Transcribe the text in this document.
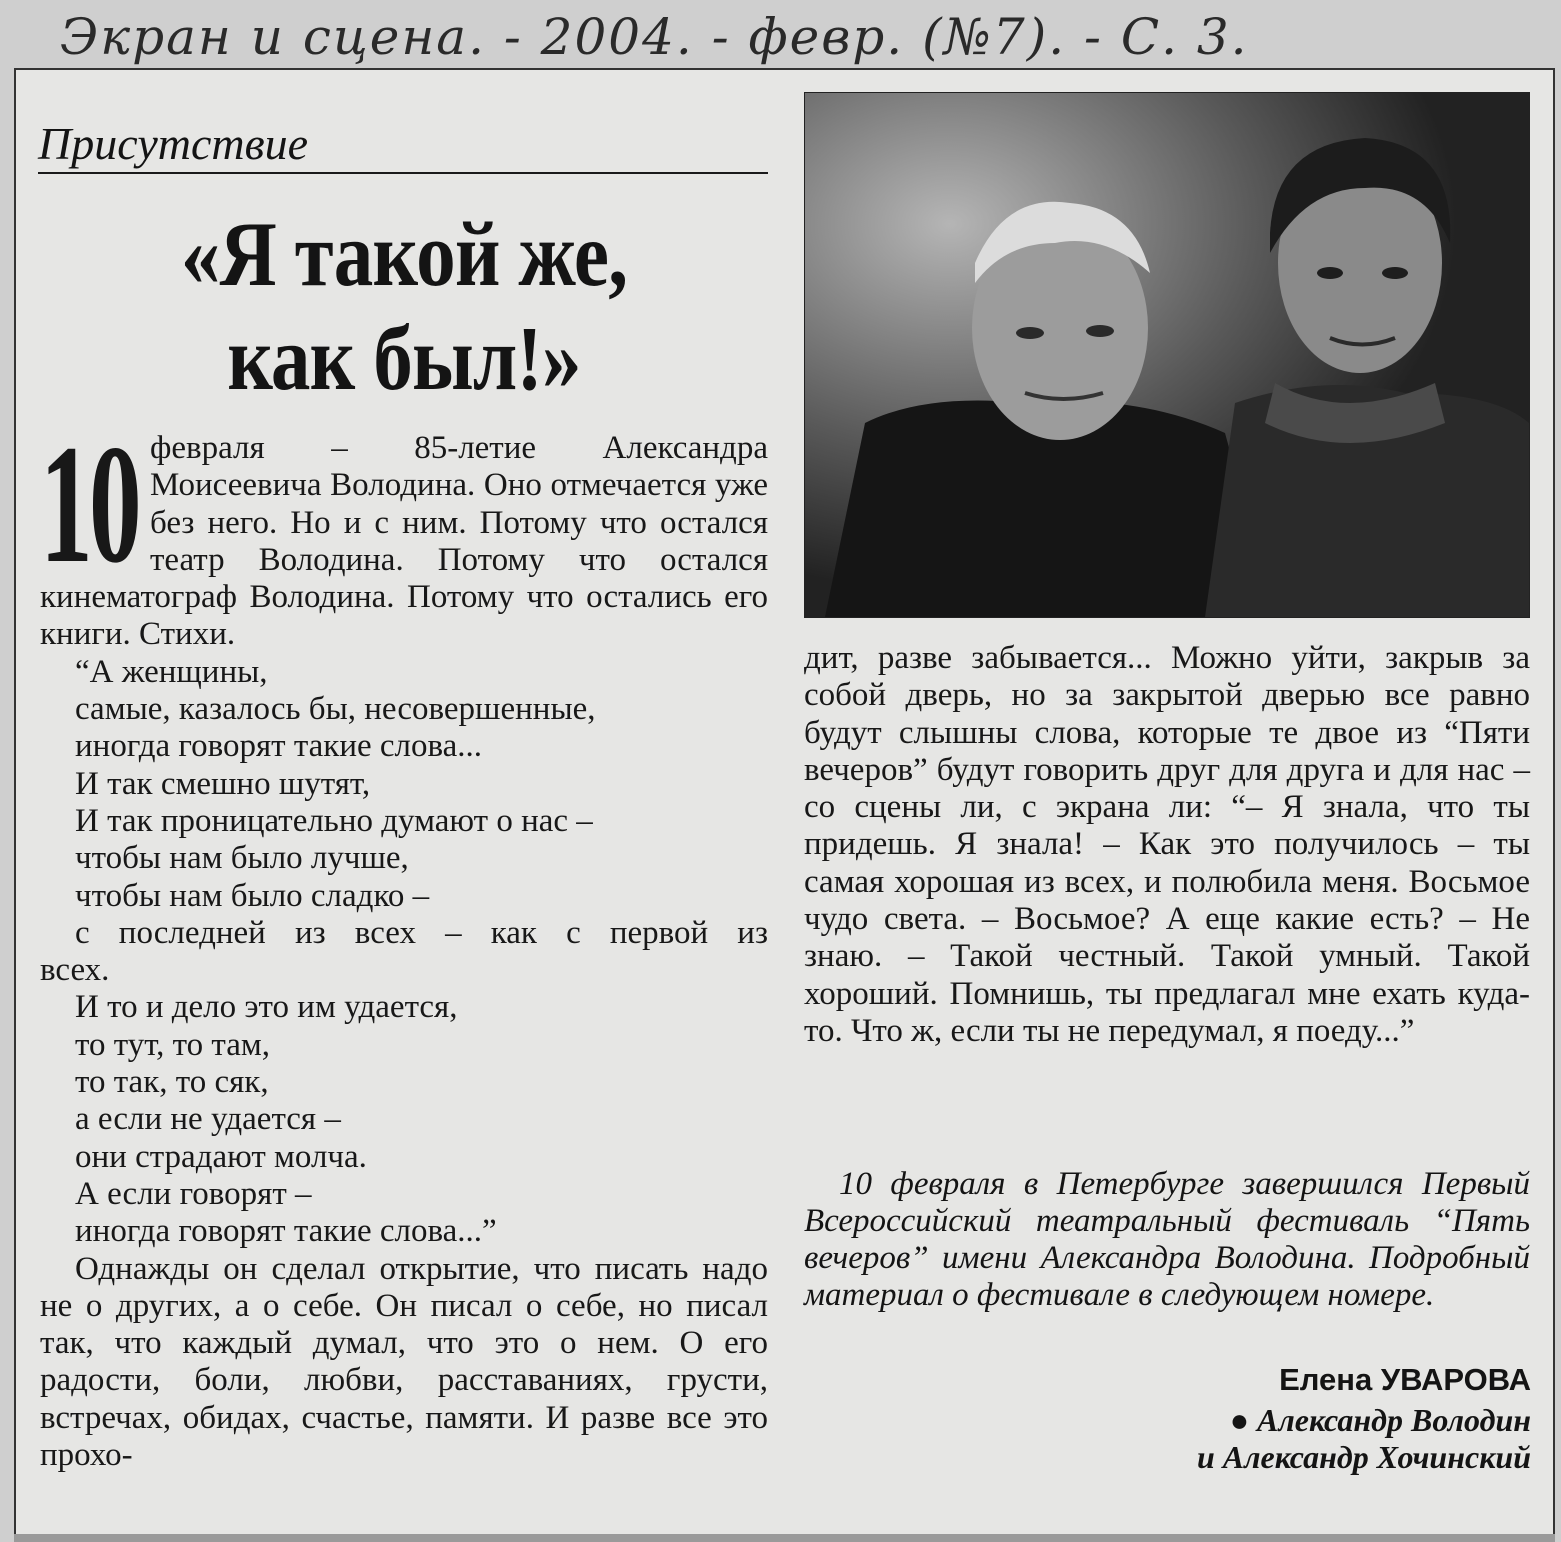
Экран и сцена. - 2004. - февр. (№7). - С. 3.
Присутствие
«Я такой же,
как был!»

10 февраля – 85-летие Александра Моисеевича Володина. Оно отмечается уже без него. Но и с ним. Потому что остался театр Володина. Потому что остался кинематограф Володина. Потому что остались его книги. Стихи.

“А женщины,

самые, казалось бы, несовершенные,

иногда говорят такие слова...

И так смешно шутят,

И так проницательно думают о нас –

чтобы нам было лучше,

чтобы нам было сладко –

с последней из всех – как с первой из

всех.

И то и дело это им удается,

то тут, то там,

то так, то сяк,

а если не удается –

они страдают молча.

А если говорят –

иногда говорят такие слова...”

Однажды он сделал открытие, что писать надо не о других, а о себе. Он писал о себе, но писал так, что каждый думал, что это о нем. О его радости, боли, любви, расставаниях, грусти, встречах, обидах, счастье, памяти. И разве все это прохо-

дит, разве забывается... Можно уйти, закрыв за собой дверь, но за закрытой дверью все равно будут слышны слова, которые те двое из “Пяти вечеров” будут говорить друг для друга и для нас – со сцены ли, с экрана ли: “– Я знала, что ты придешь. Я знала! – Как это получилось – ты самая хорошая из всех, и полюбила меня. Восьмое чудо света. – Восьмое? А еще какие есть? – Не знаю. – Такой честный. Такой умный. Такой хороший. Помнишь, ты предлагал мне ехать куда-то. Что ж, если ты не передумал, я поеду...”

10 февраля в Петербурге завершился Первый Всероссийский театральный фестиваль “Пять вечеров” имени Александра Володина. Подробный материал о фестивале в следующем номере.
Елена УВАРОВА
● Александр Володин
и Александр Хочинский
